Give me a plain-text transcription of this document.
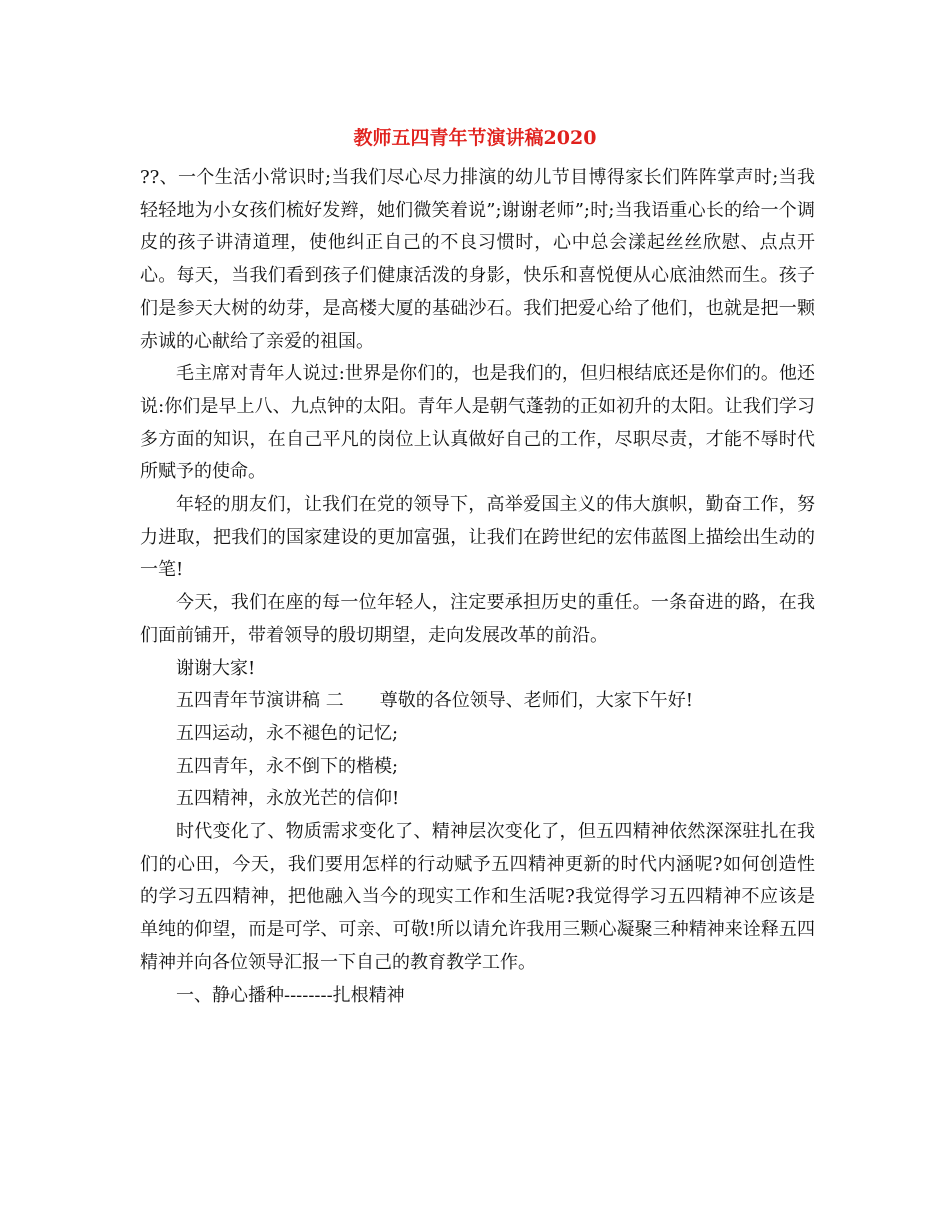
教师五四青年节演讲稿2020

??、一个生活小常识时;当我们尽心尽力排演的幼儿节目博得家长们阵阵掌声时;当我轻轻地为小女孩们梳好发辫，她们微笑着说”;谢谢老师”;时;当我语重心长的给一个调皮的孩子讲清道理，使他纠正自己的不良习惯时，心中总会漾起丝丝欣慰、点点开心。每天，当我们看到孩子们健康活泼的身影，快乐和喜悦便从心底油然而生。孩子们是参天大树的幼芽，是高楼大厦的基础沙石。我们把爱心给了他们，也就是把一颗赤诚的心献给了亲爱的祖国。

毛主席对青年人说过:世界是你们的，也是我们的，但归根结底还是你们的。他还说:你们是早上八、九点钟的太阳。青年人是朝气蓬勃的正如初升的太阳。让我们学习多方面的知识，在自己平凡的岗位上认真做好自己的工作，尽职尽责，才能不辱时代所赋予的使命。

年轻的朋友们，让我们在党的领导下，高举爱国主义的伟大旗帜，勤奋工作，努力进取，把我们的国家建设的更加富强，让我们在跨世纪的宏伟蓝图上描绘出生动的一笔!

今天，我们在座的每一位年轻人，注定要承担历史的重任。一条奋进的路，在我们面前铺开，带着领导的殷切期望，走向发展改革的前沿。

谢谢大家!

五四青年节演讲稿 二　　尊敬的各位领导、老师们，大家下午好!

五四运动，永不褪色的记忆;

五四青年，永不倒下的楷模;

五四精神，永放光芒的信仰!

时代变化了、物质需求变化了、精神层次变化了，但五四精神依然深深驻扎在我们的心田，今天，我们要用怎样的行动赋予五四精神更新的时代内涵呢?如何创造性的学习五四精神，把他融入当今的现实工作和生活呢?我觉得学习五四精神不应该是单纯的仰望，而是可学、可亲、可敬!所以请允许我用三颗心凝聚三种精神来诠释五四精神并向各位领导汇报一下自己的教育教学工作。

一、静心播种--------扎根精神
